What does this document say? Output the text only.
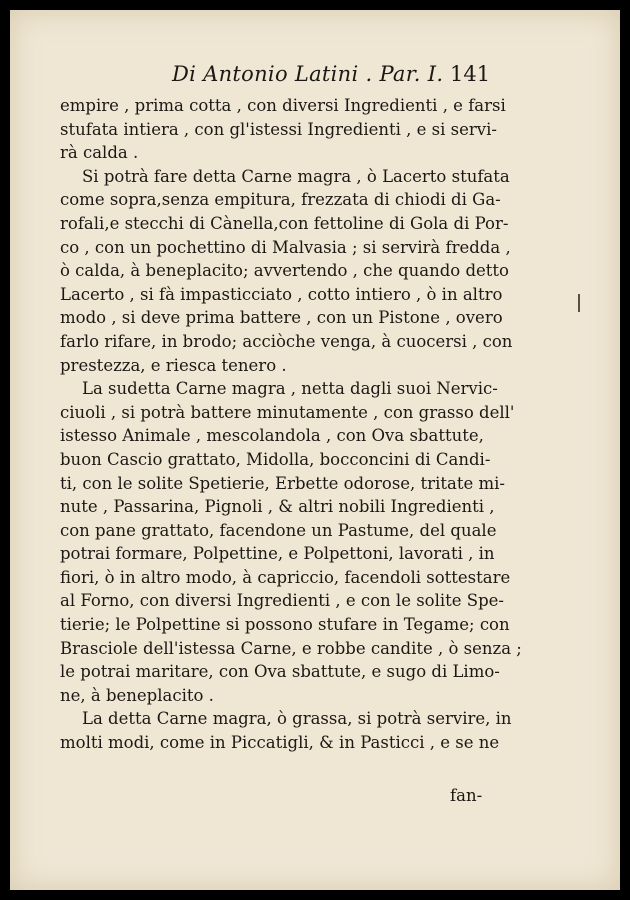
Di Antonio Latini . Par. I. 141
empire , prima cotta , con diversi Ingredienti , e farsi
stufata intiera , con gl'istessi Ingredienti , e si servi-
rà calda .
Si potrà fare detta Carne magra , ò Lacerto stufata
come sopra,senza empitura, frezzata di chiodi di Ga-
rofali,e stecchi di Cànella,con fettoline di Gola di Por-
co , con un pochettino di Malvasia ; si servirà fredda ,
ò calda, à beneplacito; avvertendo , che quando detto
Lacerto , si fà impasticciato , cotto intiero , ò in altro
modo , si deve prima battere , con un Pistone , overo
farlo rifare, in brodo; acciòche venga, à cuocersi , con
prestezza, e riesca tenero .
La sudetta Carne magra , netta dagli suoi Nervic-
ciuoli , si potrà battere minutamente , con grasso dell'
istesso Animale , mescolandola , con Ova sbattute,
buon Cascio grattato, Midolla, bocconcini di Candi-
ti, con le solite Spetierie, Erbette odorose, tritate mi-
nute , Passarina, Pignoli , & altri nobili Ingredienti ,
con pane grattato, facendone un Pastume, del quale
potrai formare, Polpettine, e Polpettoni, lavorati , in
fiori, ò in altro modo, à capriccio, facendoli sottestare
al Forno, con diversi Ingredienti , e con le solite Spe-
tierie; le Polpettine si possono stufare in Tegame; con
Brasciole dell'istessa Carne, e robbe candite , ò senza ;
le potrai maritare, con Ova sbattute, e sugo di Limo-
ne, à beneplacito .
La detta Carne magra, ò grassa, si potrà servire, in
molti modi, come in Piccatigli, & in Pasticci , e se ne
fan-
